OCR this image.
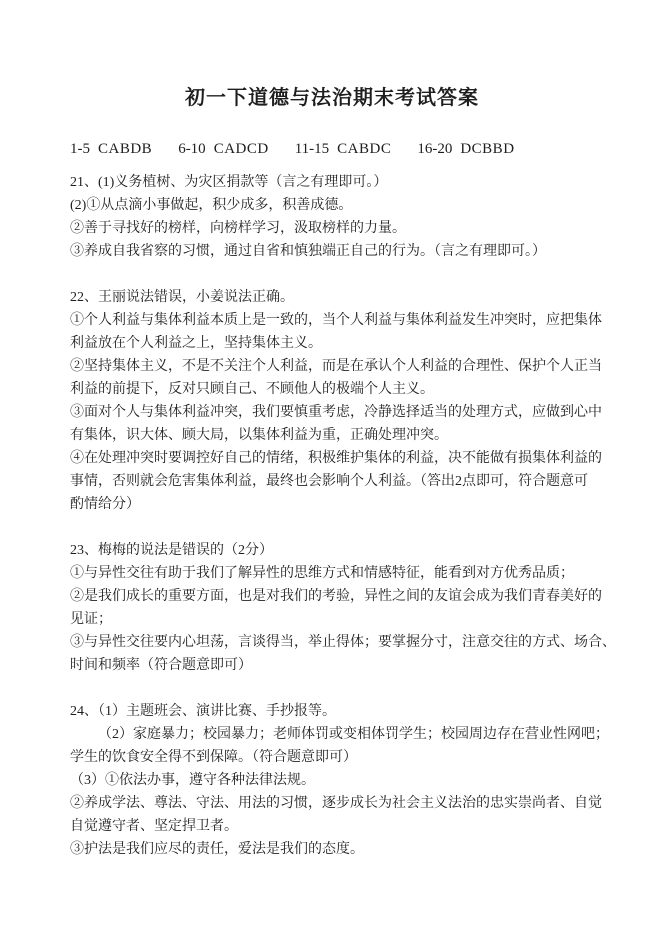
初一下道德与法治期末考试答案
1-5 CABDB 6-10 CADCD 11-15 CABDC 16-20 DCBBD
21、(1)义务植树、为灾区捐款等（言之有理即可。）
(2)①从点滴小事做起，积少成多，积善成德。
②善于寻找好的榜样，向榜样学习，汲取榜样的力量。
③养成自我省察的习惯，通过自省和慎独端正自己的行为。（言之有理即可。）
22、王丽说法错误，小姜说法正确。
①个人利益与集体利益本质上是一致的，当个人利益与集体利益发生冲突时，应把集体
利益放在个人利益之上，坚持集体主义。
②坚持集体主义，不是不关注个人利益，而是在承认个人利益的合理性、保护个人正当
利益的前提下，反对只顾自己、不顾他人的极端个人主义。
③面对个人与集体利益冲突，我们要慎重考虑，冷静选择适当的处理方式，应做到心中
有集体，识大体、顾大局，以集体利益为重，正确处理冲突。
④在处理冲突时要调控好自己的情绪，积极维护集体的利益，决不能做有损集体利益的
事情，否则就会危害集体利益，最终也会影响个人利益。（答出2点即可，符合题意可
酌情给分）
23、梅梅的说法是错误的（2分）
①与异性交往有助于我们了解异性的思维方式和情感特征，能看到对方优秀品质；
②是我们成长的重要方面，也是对我们的考验，异性之间的友谊会成为我们青春美好的
见证；
③与异性交往要内心坦荡，言谈得当，举止得体；要掌握分寸，注意交往的方式、场合、
时间和频率（符合题意即可）
24、（1）主题班会、演讲比赛、手抄报等。
（2）家庭暴力；校园暴力；老师体罚或变相体罚学生；校园周边存在营业性网吧；
学生的饮食安全得不到保障。（符合题意即可）
（3）①依法办事，遵守各种法律法规。
②养成学法、尊法、守法、用法的习惯，逐步成长为社会主义法治的忠实崇尚者、自觉
自觉遵守者、坚定捍卫者。
③护法是我们应尽的责任，爱法是我们的态度。
